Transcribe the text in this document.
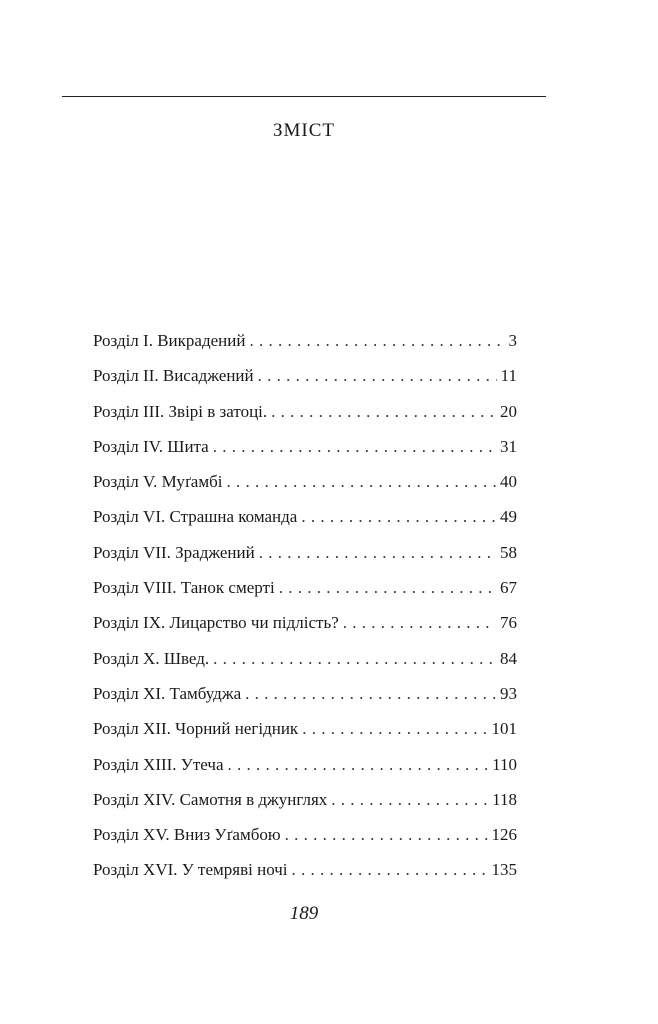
ЗМІСТ
Розділ І. Викрадений . . .	3
Розділ ІІ. Висаджений . . .	11
Розділ ІІІ. Звірі в затоці. . . .	20
Розділ IV. Шита . . .	31
Розділ V. Муґамбі . . .	40
Розділ VI. Страшна команда . . .	49
Розділ VII. Зраджений . . .	58
Розділ VIII. Танок смерті . . .	67
Розділ ІХ. Лицарство чи підлість? . . .	76
Розділ Х. Швед. . . .	84
Розділ ХІ. Тамбуджа . . .	93
Розділ ХІІ. Чорний негідник . . .	101
Розділ ХІІІ. Утеча . . .	110
Розділ XIV. Самотня в джунглях . . .	118
Розділ XV. Вниз Уґамбою . . .	126
Розділ XVI. У темряві ночі . . .	135
189
